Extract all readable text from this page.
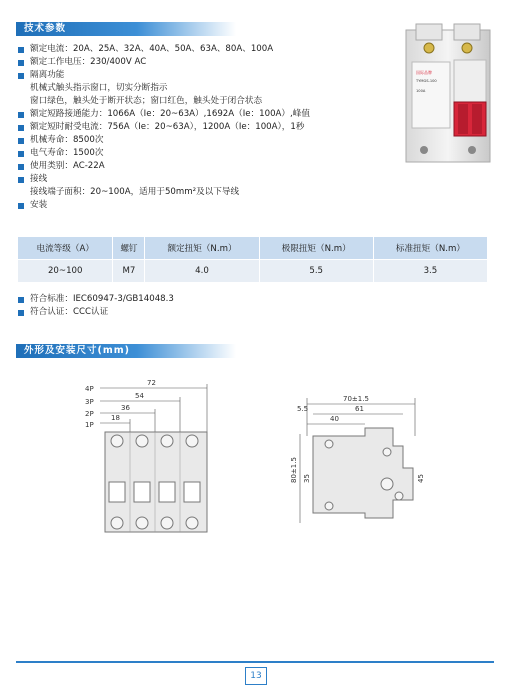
技术参数
额定电流：20A、25A、32A、40A、50A、63A、80A、100A
额定工作电压：230/400V AC
隔离功能
机械式触头指示窗口，切实分断指示
窗口绿色，触头处于断开状态；窗口红色，触头处于闭合状态
额定短路接通能力：1066A（Ⅰe：20~63A）,1692A（Ⅰe：100A）,峰值
额定短时耐受电流：756A（Ⅰe：20~63A），1200A（Ⅰe：100A），1秒
机械寿命：8500次
电气寿命：1500次
使用类别：AC-22A
接线
接线端子面积：20~100A，适用于50mm²及以下导线
安装
国际品牌
TYMGS-100
100A
电流等级（A）	螺钉	额定扭矩（N.m）	极限扭矩（N.m）	标准扭矩（N.m）
20~100	M7	4.0	5.5	3.5
符合标准：IEC60947-3/GB14048.3
符合认证：CCC认证
外形及安装尺寸(mm)
4P
3P
2P
1P
72
54
36
18
70±1.5
61
40
5.5
80±1.5 35	45
13
